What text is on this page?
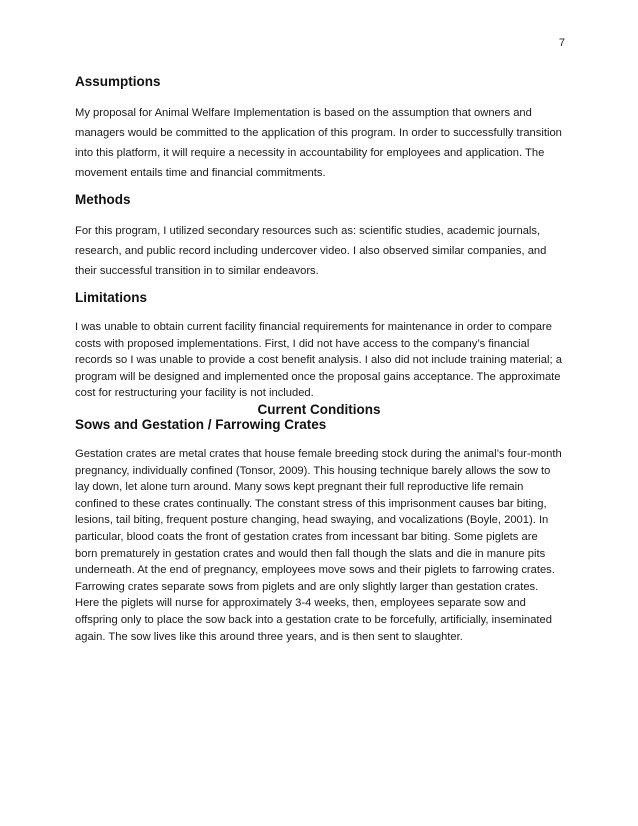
7
Assumptions

My proposal for Animal Welfare Implementation is based on the assumption that owners and managers would be committed to the application of this program. In order to successfully transition into this platform, it will require a necessity in accountability for employees and application. The movement entails time and financial commitments.

Methods

For this program, I utilized secondary resources such as: scientific studies, academic journals, research, and public record including undercover video. I also observed similar companies, and their successful transition in to similar endeavors.

Limitations

I was unable to obtain current facility financial requirements for maintenance in order to compare costs with proposed implementations. First, I did not have access to the company’s financial records so I was unable to provide a cost benefit analysis. I also did not include training material; a program will be designed and implemented once the proposal gains acceptance. The approximate cost for restructuring your facility is not included.

Current Conditions
Sows and Gestation / Farrowing Crates

Gestation crates are metal crates that house female breeding stock during the animal’s four-month pregnancy, individually confined (Tonsor, 2009). This housing technique barely allows the sow to lay down, let alone turn around. Many sows kept pregnant their full reproductive life remain confined to these crates continually. The constant stress of this imprisonment causes bar biting, lesions, tail biting, frequent posture changing, head swaying, and vocalizations (Boyle, 2001). In particular, blood coats the front of gestation crates from incessant bar biting. Some piglets are born prematurely in gestation crates and would then fall though the slats and die in manure pits underneath. At the end of pregnancy, employees move sows and their piglets to farrowing crates. Farrowing crates separate sows from piglets and are only slightly larger than gestation crates. Here the piglets will nurse for approximately 3-4 weeks, then, employees separate sow and offspring only to place the sow back into a gestation crate to be forcefully, artificially, inseminated again. The sow lives like this around three years, and is then sent to slaughter.
